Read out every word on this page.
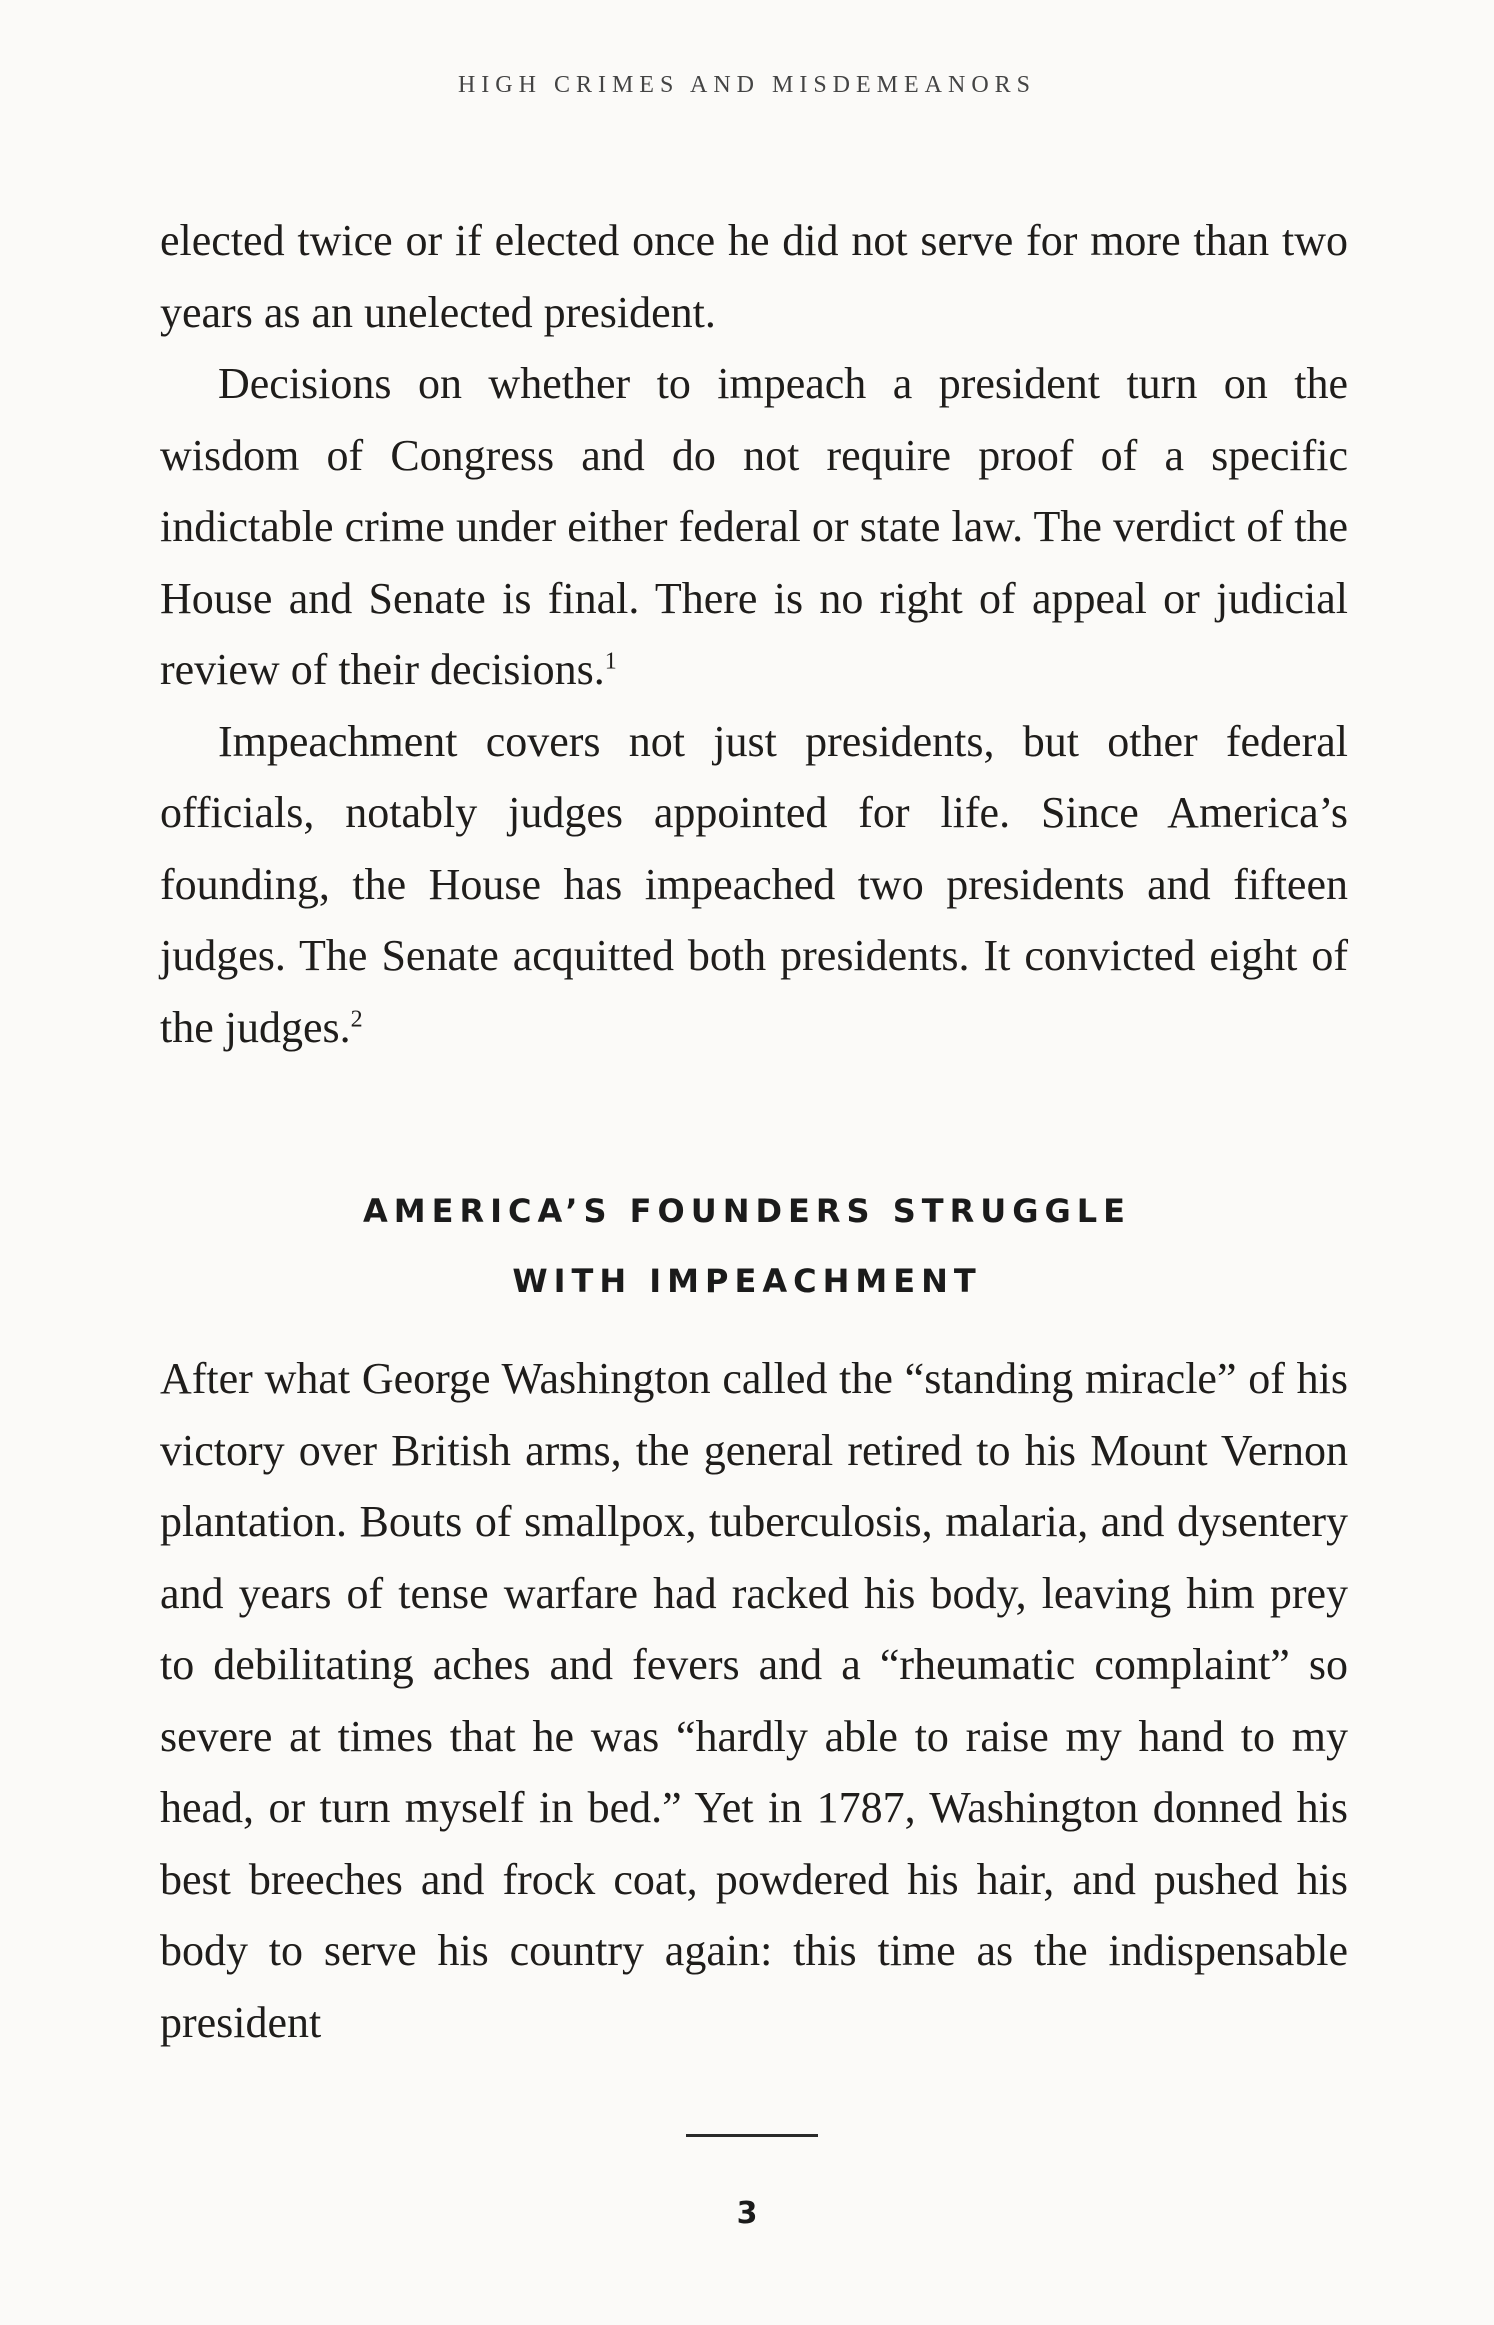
HIGH CRIMES AND MISDEMEANORS

elected twice or if elected once he did not serve for more than two years as an unelected president.

Decisions on whether to impeach a president turn on the wisdom of Congress and do not require proof of a specific indictable crime under either federal or state law. The verdict of the House and Senate is final. There is no right of appeal or judicial review of their decisions.$^1$

Impeachment covers not just presidents, but other federal officials, notably judges appointed for life. Since America’s founding, the House has impeached two presidents and fifteen judges. The Senate acquitted both presidents. It convicted eight of the judges.$^2$

AMERICA’S FOUNDERS STRUGGLE
WITH IMPEACHMENT

After what George Washington called the “standing miracle” of his victory over British arms, the general retired to his Mount Vernon plantation. Bouts of smallpox, tuberculosis, malaria, and dysentery and years of tense warfare had racked his body, leaving him prey to debilitating aches and fevers and a “rheumatic complaint” so severe at times that he was “hardly able to raise my hand to my head, or turn myself in bed.” Yet in 1787, Washington donned his best breeches and frock coat, powdered his hair, and pushed his body to serve his country again: this time as the indispensable president

3
